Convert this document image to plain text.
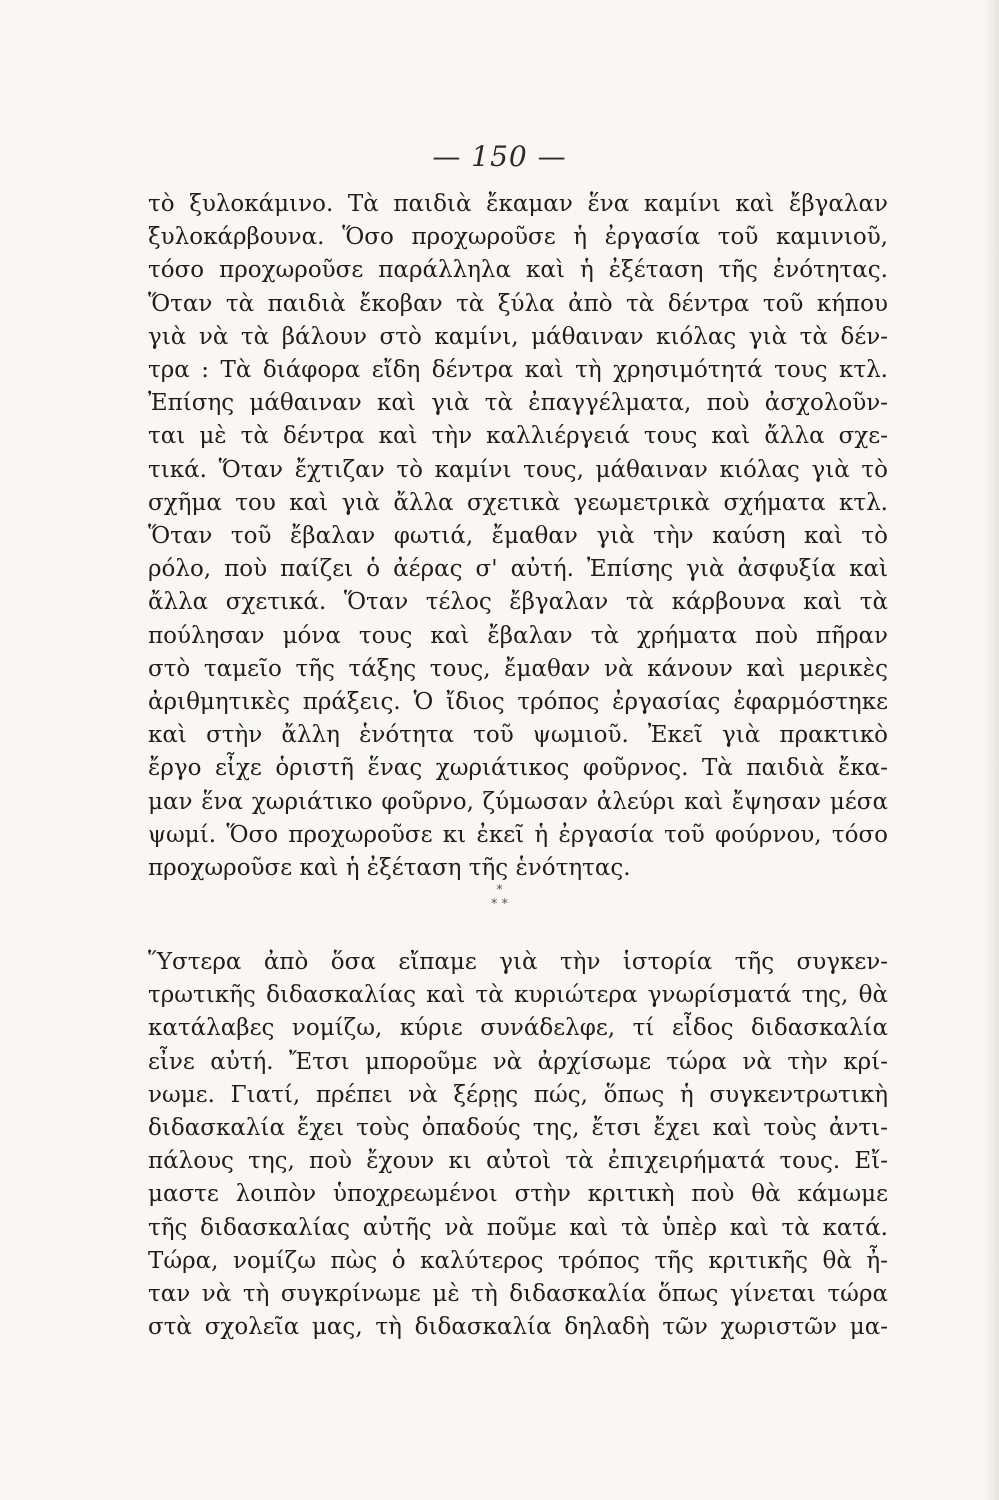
— 150 —
τὸ ξυλοκάμινο. Τὰ παιδιὰ ἔκαμαν ἕνα καμίνι καὶ ἔβγαλαν
ξυλοκάρβουνα. Ὅσο προχωροῦσε ἡ ἐργασία τοῦ καμινιοῦ,
τόσο προχωροῦσε παράλληλα καὶ ἡ ἐξέταση τῆς ἑνότητας.
Ὅταν τὰ παιδιὰ ἔκοβαν τὰ ξύλα ἀπὸ τὰ δέντρα τοῦ κήπου
γιὰ νὰ τὰ βάλουν στὸ καμίνι, μάθαιναν κιόλας γιὰ τὰ δέν-
τρα : Τὰ διάφορα εἴδη δέντρα καὶ τὴ χρησιμότητά τους κτλ.
Ἐπίσης μάθαιναν καὶ γιὰ τὰ ἐπαγγέλματα, ποὺ ἀσχολοῦν-
ται μὲ τὰ δέντρα καὶ τὴν καλλιέργειά τους καὶ ἄλλα σχε-
τικά. Ὅταν ἔχτιζαν τὸ καμίνι τους, μάθαιναν κιόλας γιὰ τὸ
σχῆμα του καὶ γιὰ ἄλλα σχετικὰ γεωμετρικὰ σχήματα κτλ.
Ὅταν τοῦ ἔβαλαν φωτιά, ἔμαθαν γιὰ τὴν καύση καὶ τὸ
ρόλο, ποὺ παίζει ὁ ἀέρας σ' αὐτή. Ἐπίσης γιὰ ἀσφυξία καὶ
ἄλλα σχετικά. Ὅταν τέλος ἔβγαλαν τὰ κάρβουνα καὶ τὰ
πούλησαν μόνα τους καὶ ἔβαλαν τὰ χρήματα ποὺ πῆραν
στὸ ταμεῖο τῆς τάξης τους, ἔμαθαν νὰ κάνουν καὶ μερικὲς
ἀριθμητικὲς πράξεις. Ὁ ἴδιος τρόπος ἐργασίας ἐφαρμόστηκε
καὶ στὴν ἄλλη ἑνότητα τοῦ ψωμιοῦ. Ἐκεῖ γιὰ πρακτικὸ
ἔργο εἶχε ὁριστῆ ἕνας χωριάτικος φοῦρνος. Τὰ παιδιὰ ἔκα-
μαν ἕνα χωριάτικο φοῦρνο, ζύμωσαν ἀλεύρι καὶ ἔψησαν μέσα
ψωμί. Ὅσο προχωροῦσε κι ἐκεῖ ἡ ἐργασία τοῦ φούρνου, τόσο
προχωροῦσε καὶ ἡ ἐξέταση τῆς ἑνότητας.
*
* *
Ὕστερα ἀπὸ ὅσα εἴπαμε γιὰ τὴν ἱστορία τῆς συγκεν-
τρωτικῆς διδασκαλίας καὶ τὰ κυριώτερα γνωρίσματά της, θὰ
κατάλαβες νομίζω, κύριε συνάδελφε, τί εἶδος διδασκαλία
εἶνε αὐτή. Ἔτσι μποροῦμε νὰ ἀρχίσωμε τώρα νὰ τὴν κρί-
νωμε. Γιατί, πρέπει νὰ ξέρῃς πώς, ὅπως ἡ συγκεντρωτικὴ
διδασκαλία ἔχει τοὺς ὀπαδούς της, ἔτσι ἔχει καὶ τοὺς ἀντι-
πάλους της, ποὺ ἔχουν κι αὐτοὶ τὰ ἐπιχειρήματά τους. Εἴ-
μαστε λοιπὸν ὑποχρεωμένοι στὴν κριτικὴ ποὺ θὰ κάμωμε
τῆς διδασκαλίας αὐτῆς νὰ ποῦμε καὶ τὰ ὑπὲρ καὶ τὰ κατά.
Τώρα, νομίζω πὼς ὁ καλύτερος τρόπος τῆς κριτικῆς θὰ ἦ-
ταν νὰ τὴ συγκρίνωμε μὲ τὴ διδασκαλία ὅπως γίνεται τώρα
στὰ σχολεῖα μας, τὴ διδασκαλία δηλαδὴ τῶν χωριστῶν μα-
